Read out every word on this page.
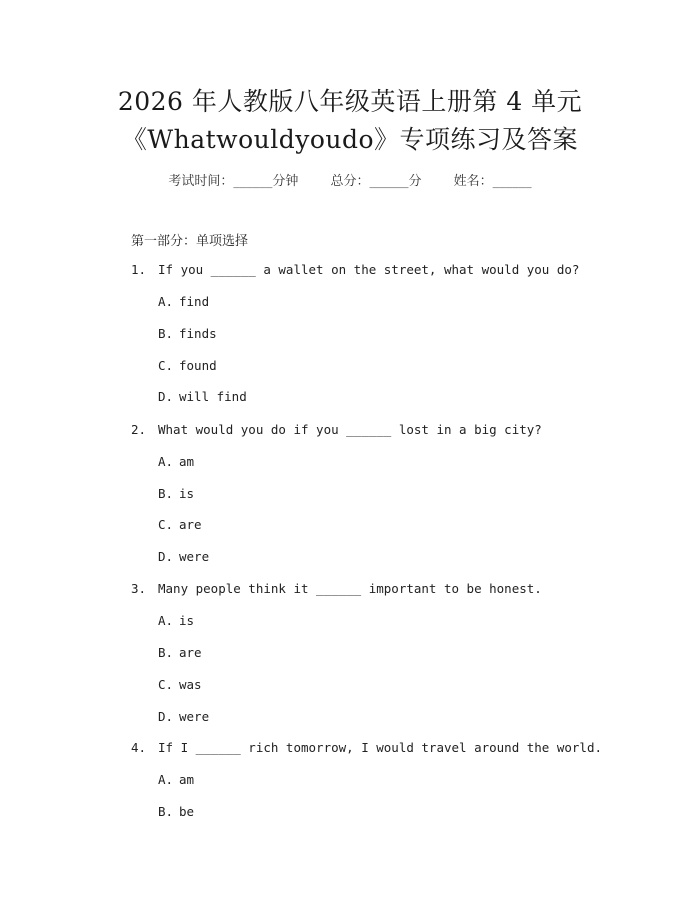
2026 年人教版八年级英语上册第 4 单元
《Whatwouldyoudo》专项练习及答案
考试时间：______分钟 总分：______分 姓名：______
第一部分：单项选择
1. If you ______ a wallet on the street, what would you do?
A. find
B. finds
C. found
D. will find
2. What would you do if you ______ lost in a big city?
A. am
B. is
C. are
D. were
3. Many people think it ______ important to be honest.
A. is
B. are
C. was
D. were
4. If I ______ rich tomorrow, I would travel around the world.
A. am
B. be
